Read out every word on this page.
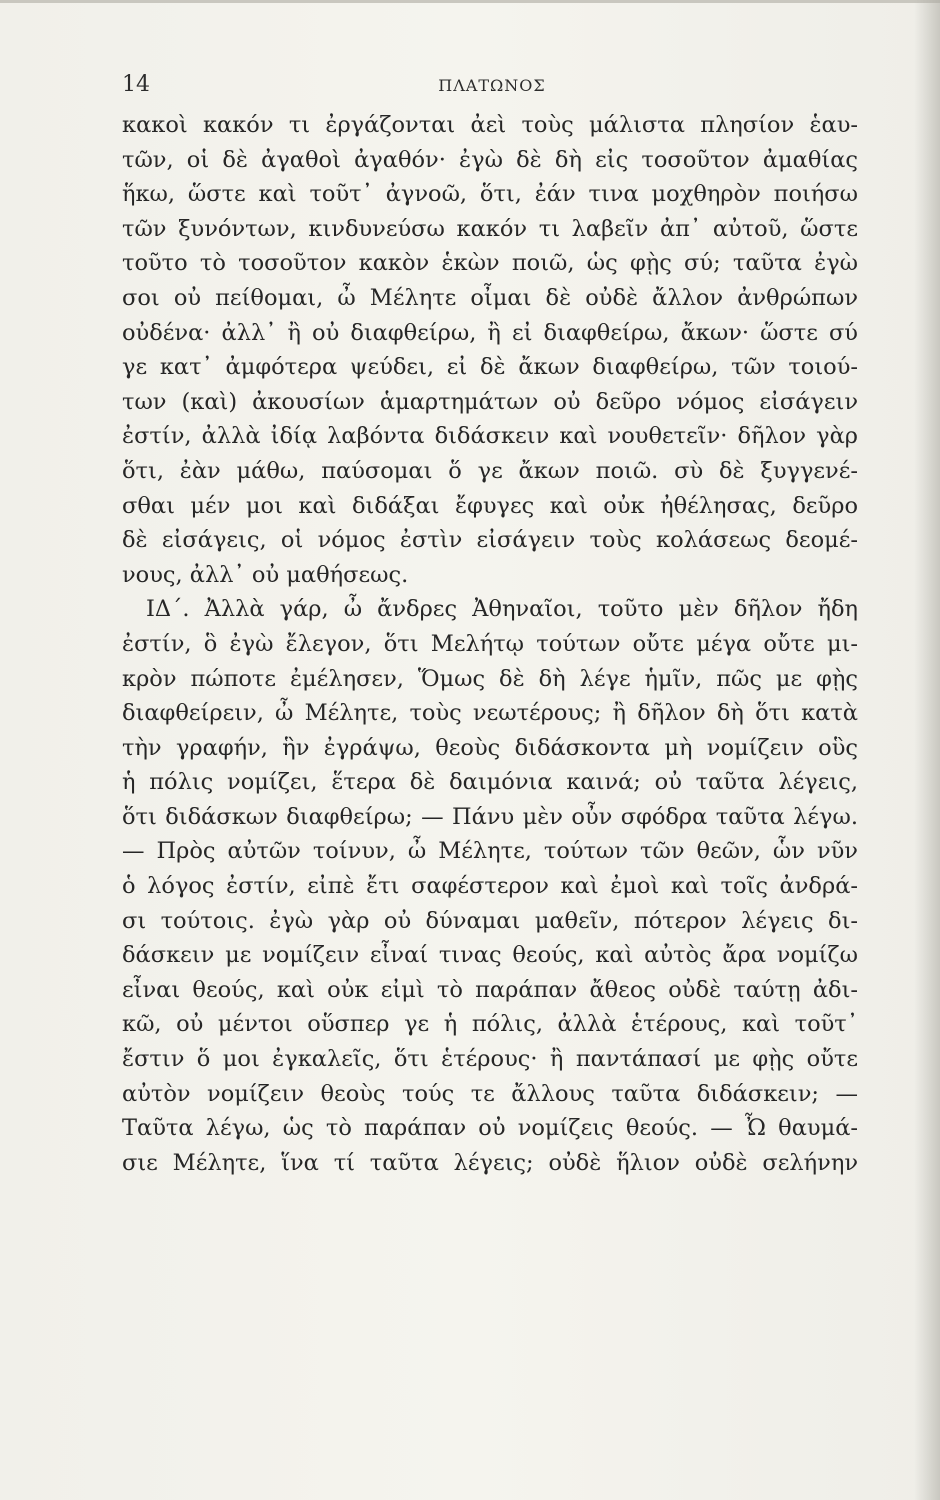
14	ΠΛΑΤΩΝΟΣ
κακοὶ κακόν τι ἐργάζονται ἀεὶ τοὺς μάλιστα πλησίον ἑαυ-
τῶν, οἱ δὲ ἀγαθοὶ ἀγαθόν· ἐγὼ δὲ δὴ εἰς τοσοῦτον ἀμαθίας
ἥκω, ὥστε καὶ τοῦτ᾿ ἀγνοῶ, ὅτι, ἐάν τινα μοχθηρὸν ποιήσω
τῶν ξυνόντων, κινδυνεύσω κακόν τι λαβεῖν ἀπ᾿ αὐτοῦ, ὥστε
τοῦτο τὸ τοσοῦτον κακὸν ἑκὼν ποιῶ, ὡς φῂς σύ; ταῦτα ἐγὼ
σοι οὐ πείθομαι, ὦ Μέλητε οἶμαι δὲ οὐδὲ ἄλλον ἀνθρώπων
οὐδένα· ἀλλ᾿ ἢ οὐ διαφθείρω, ἢ εἰ διαφθείρω, ἄκων· ὥστε σύ
γε κατ᾿ ἀμφότερα ψεύδει, εἰ δὲ ἄκων διαφθείρω, τῶν τοιού-
των (καὶ) ἀκουσίων ἁμαρτημάτων οὐ δεῦρο νόμος εἰσάγειν
ἐστίν, ἀλλὰ ἰδίᾳ λαβόντα διδάσκειν καὶ νουθετεῖν· δῆλον γὰρ
ὅτι, ἐὰν μάθω, παύσομαι ὅ γε ἄκων ποιῶ. σὺ δὲ ξυγγενέ-
σθαι μέν μοι καὶ διδάξαι ἔφυγες καὶ οὐκ ἠθέλησας, δεῦρο
δὲ εἰσάγεις, οἱ νόμος ἐστὶν εἰσάγειν τοὺς κολάσεως δεομέ-
νους, ἀλλ᾿ οὐ μαθήσεως.
ΙΔ΄. Ἀλλὰ γάρ, ὦ ἄνδρες Ἀθηναῖοι, τοῦτο μὲν δῆλον ἤδη
ἐστίν, ὃ ἐγὼ ἔλεγον, ὅτι Μελήτῳ τούτων οὔτε μέγα οὔτε μι-
κρὸν πώποτε ἐμέλησεν, Ὅμως δὲ δὴ λέγε ἡμῖν, πῶς με φῂς
διαφθείρειν, ὦ Μέλητε, τοὺς νεωτέρους; ἢ δῆλον δὴ ὅτι κατὰ
τὴν γραφήν, ἣν ἐγράψω, θεοὺς διδάσκοντα μὴ νομίζειν οὓς
ἡ πόλις νομίζει, ἕτερα δὲ δαιμόνια καινά; οὐ ταῦτα λέγεις,
ὅτι διδάσκων διαφθείρω; — Πάνυ μὲν οὖν σφόδρα ταῦτα λέγω.
— Πρὸς αὐτῶν τοίνυν, ὦ Μέλητε, τούτων τῶν θεῶν, ὧν νῦν
ὁ λόγος ἐστίν, εἰπὲ ἔτι σαφέστερον καὶ ἐμοὶ καὶ τοῖς ἀνδρά-
σι τούτοις. ἐγὼ γὰρ οὐ δύναμαι μαθεῖν, πότερον λέγεις δι-
δάσκειν με νομίζειν εἶναί τινας θεούς, καὶ αὐτὸς ἄρα νομίζω
εἶναι θεούς, καὶ οὐκ εἰμὶ τὸ παράπαν ἄθεος οὐδὲ ταύτῃ ἀδι-
κῶ, οὐ μέντοι οὕσπερ γε ἡ πόλις, ἀλλὰ ἑτέρους, καὶ τοῦτ᾿
ἔστιν ὅ μοι ἐγκαλεῖς, ὅτι ἑτέρους· ἢ παντάπασί με φῂς οὔτε
αὐτὸν νομίζειν θεοὺς τούς τε ἄλλους ταῦτα διδάσκειν; —
Ταῦτα λέγω, ὡς τὸ παράπαν οὐ νομίζεις θεούς. — Ὦ θαυμά-
σιε Μέλητε, ἵνα τί ταῦτα λέγεις; οὐδὲ ἥλιον οὐδὲ σελήνην
